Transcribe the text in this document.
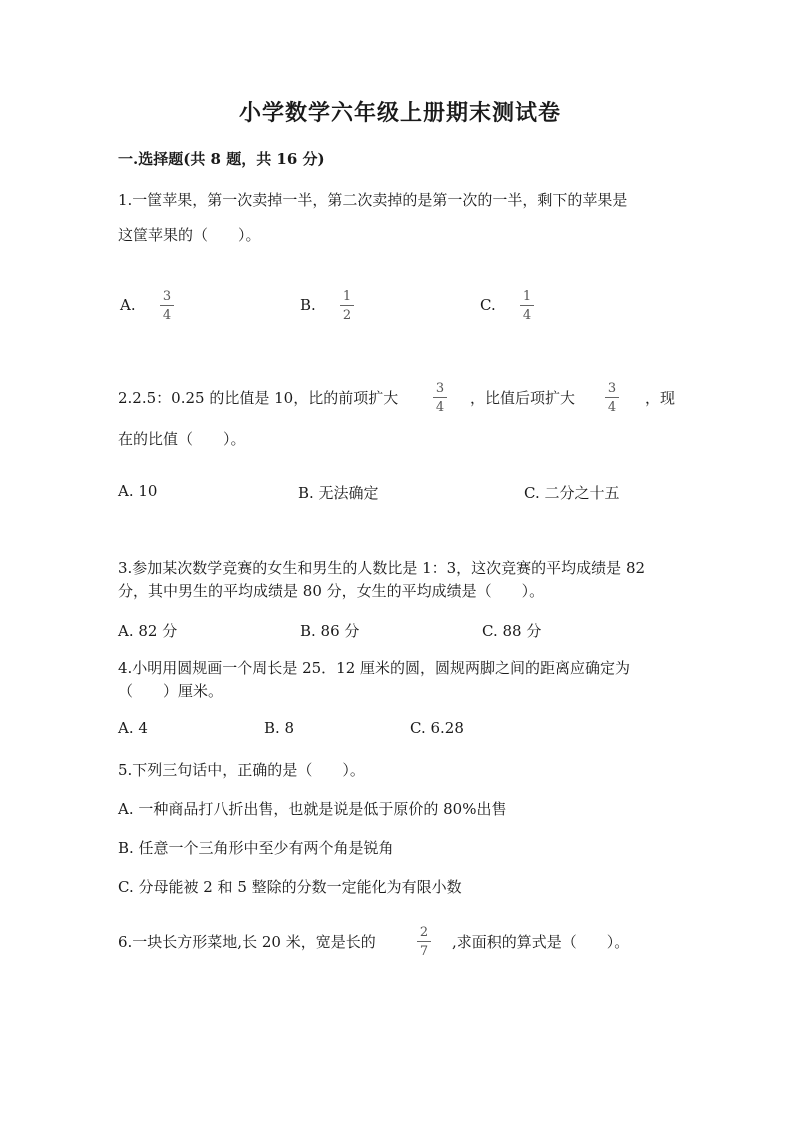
小学数学六年级上册期末测试卷
一.选择题(共 8 题，共 16 分)
1.一筐苹果，第一次卖掉一半，第二次卖掉的是第一次的一半，剩下的苹果是
这筐苹果的（　　）。
A. 3
4
B. 1
2
C. 1
4
2.2.5：0.25 的比值是 10，比的前项扩大
3
4
，比值后项扩大
3
4
，现
在的比值（　　）。
A. 10	B. 无法确定	C. 二分之十五
3.参加某次数学竞赛的女生和男生的人数比是 1：3，这次竞赛的平均成绩是 82
分，其中男生的平均成绩是 80 分，女生的平均成绩是（　　）。
A. 82 分	B. 86 分	C. 88 分
4.小明用圆规画一个周长是 25．12 厘米的圆，圆规两脚之间的距离应确定为
（　　）厘米。
A. 4	B. 8	C. 6.28
5.下列三句话中，正确的是（　　）。
A. 一种商品打八折出售，也就是说是低于原价的 80%出售
B. 任意一个三角形中至少有两个角是锐角
C. 分母能被 2 和 5 整除的分数一定能化为有限小数
6.一块长方形菜地,长 20 米，宽是长的
2
7
,求面积的算式是（　　）。
